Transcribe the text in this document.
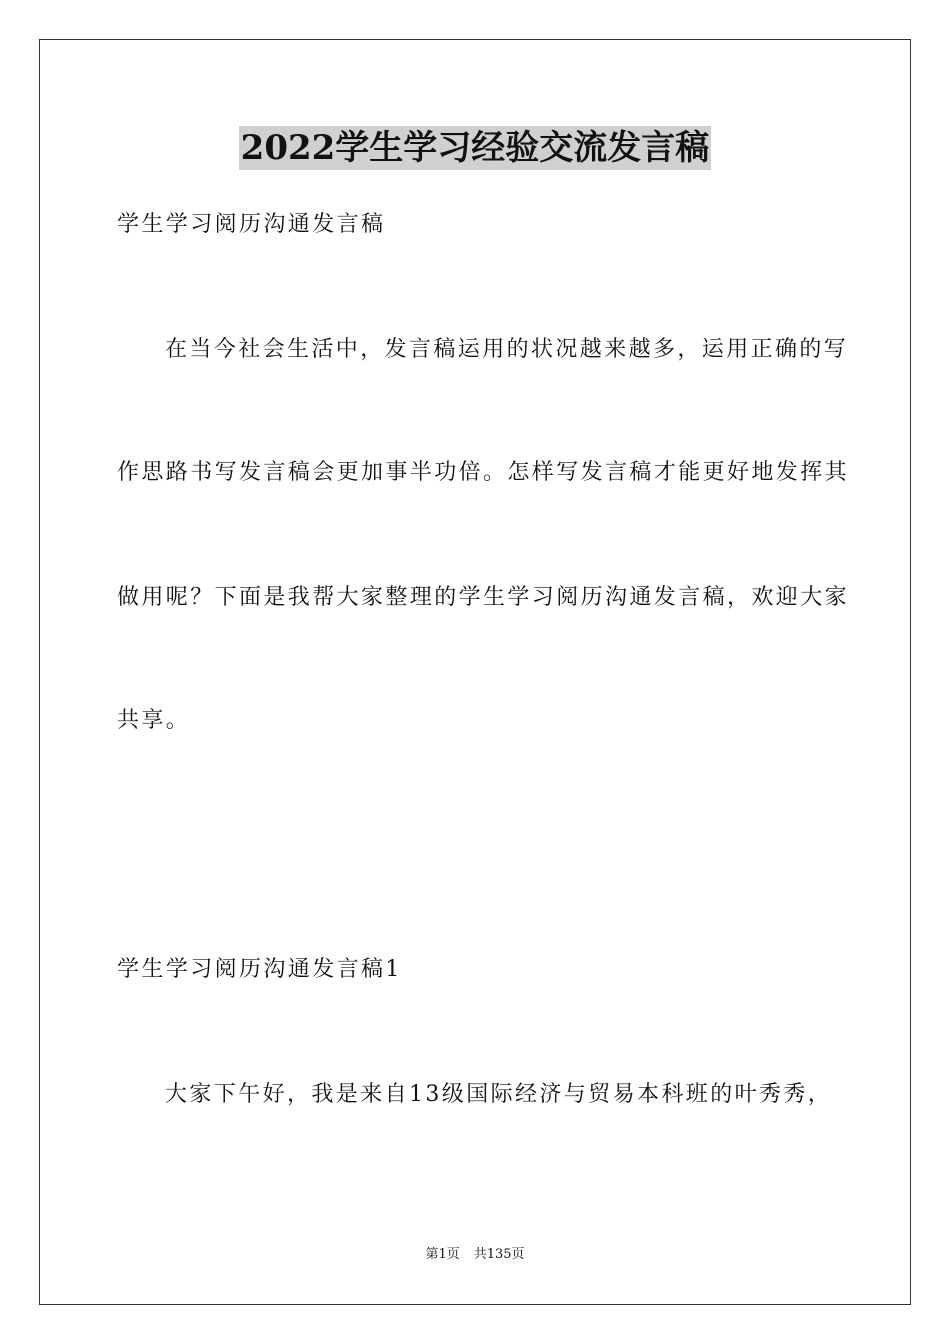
2022学生学习经验交流发言稿
学生学习阅历沟通发言稿
在当今社会生活中，发言稿运用的状况越来越多，运用正确的写
作思路书写发言稿会更加事半功倍。怎样写发言稿才能更好地发挥其
做用呢？下面是我帮大家整理的学生学习阅历沟通发言稿，欢迎大家
共享。
学生学习阅历沟通发言稿1
大家下午好，我是来自13级国际经济与贸易本科班的叶秀秀，
第1页 共135页
